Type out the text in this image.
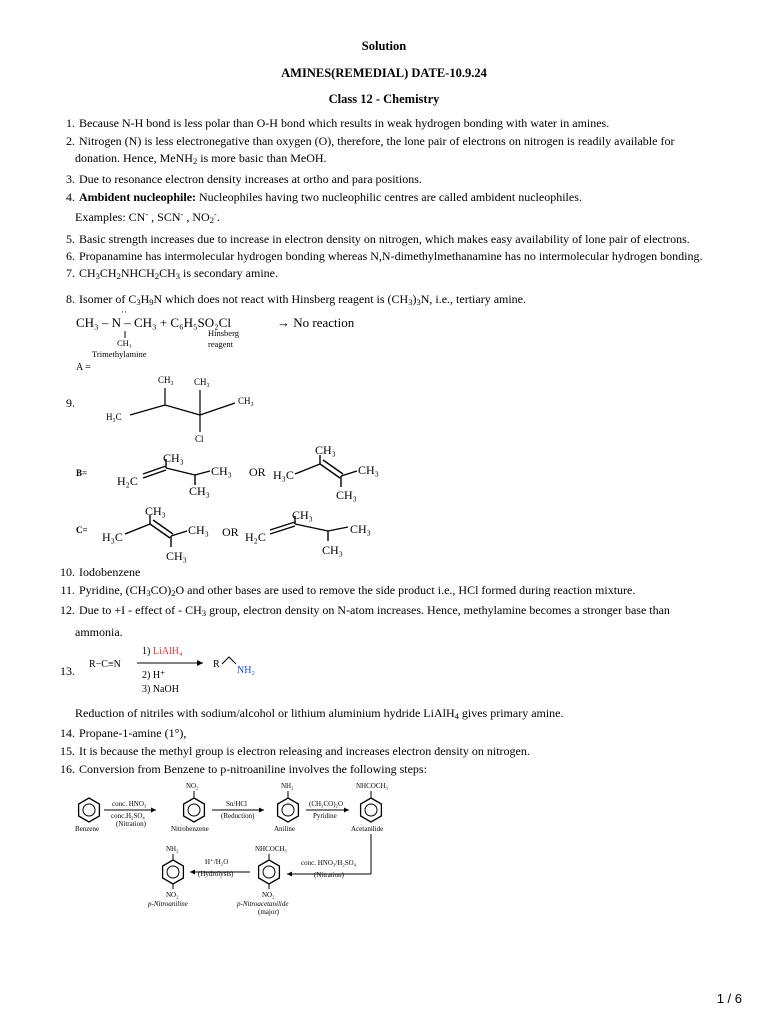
Solution
AMINES(REMEDIAL) DATE-10.9.24
Class 12 - Chemistry
1. Because N-H bond is less polar than O-H bond which results in weak hydrogen bonding with water in amines.
2. Nitrogen (N) is less electronegative than oxygen (O), therefore, the lone pair of electrons on nitrogen is readily available for
donation. Hence, MeNH$_2$ is more basic than MeOH.
3. Due to resonance electron density increases at ortho and para positions.
4. Ambident nucleophile: Nucleophiles having two nucleophilic centres are called ambident nucleophiles.
Examples: CN- , SCN- , $NO_2^-$.
5. Basic strength increases due to increase in electron density on nitrogen, which makes easy availability of lone pair of electrons.
6. Propanamine has intermolecular hydrogen bonding whereas N,N-dimethylmethanamine has no intermolecular hydrogen bonding.
7. $CH_3CH_2NHCH_2CH_3$ is secondary amine.
8. Isomer of $C_3H_9N$ which does not react with Hinsberg reagent is $(CH_3)_3N$, i.e., tertiary amine.
CH₃ – N – CH₃ + C₆H₅SO₂Cl	→ No reaction
··
CH₃
Hinsberg
reagent
Trimethylamine
9.
A =
H₃C
CH₃ CH₃
CH₃
Cl
B=
H₂C
CH₃
CH₃
CH₃ OR H₃C
CH₃
CH₃
CH₃
C= H₃C
CH₃
CH₃
CH₃
OR H₂C
CH₃
CH₃
CH₃
10. Iodobenzene
11. Pyridine, $(CH_3CO)_2O$ and other bases are used to remove the side product i.e., HCl formed during reaction mixture.
12. Due to +I - effect of - $CH_3$ group, electron density on N-atom increases. Hence, methylamine becomes a stronger base than
ammonia.
13.	R−C≡N
1) LiAlH₄
2) H⁺
3) NaOH
R
NH₂
Reduction of nitriles with sodium/alcohol or lithium aluminium hydride LiAlH$_4$ gives primary amine.
14. Propane-1-amine (1°),
15. It is because the methyl group is electron releasing and increases electron density on nitrogen.
16. Conversion from Benzene to p-nitroaniline involves the following steps:
Benzene
conc. HNO₃
conc.H₂SO₄
(Nitration)
NO₂
Nitrobenzene
Sn/HCl
(Reduction)
NH₂
Aniline
(CH₃CO)₂O
Pyridine
NHCOCH₃
Acetanilide
conc. HNO₃/H₂SO₄
(Nitration)
NHCOCH₃
NO₂
p-Nitroacetanilide
(major)
H⁺/H₂O
(Hydrolysis)
NH₂
NO₂
p-Nitroaniline
1 / 6
